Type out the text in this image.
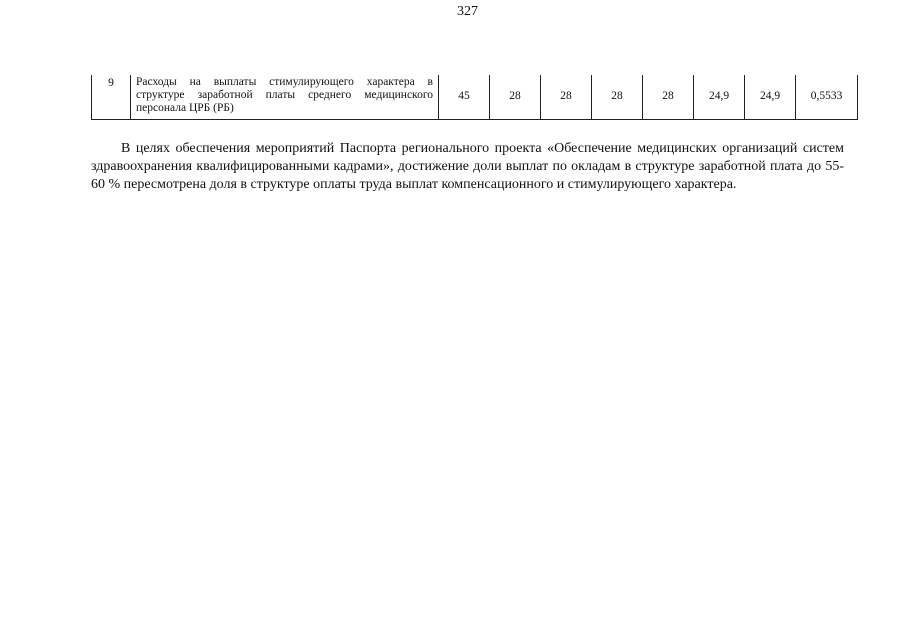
327
9	Расходы на выплаты стимулирующего характера в структуре заработной платы среднего медицинского персонала ЦРБ (РБ)	45	28	28	28	28	24,9	24,9	0,5533

В целях обеспечения мероприятий Паспорта регионального проекта «Обеспечение медицинских организаций систем здравоохранения квалифицированными кадрами», достижение доли выплат по окладам в структуре заработной плата до 55-60 % пересмотрена доля в структуре оплаты труда выплат компенсационного и стимулирующего характера.
